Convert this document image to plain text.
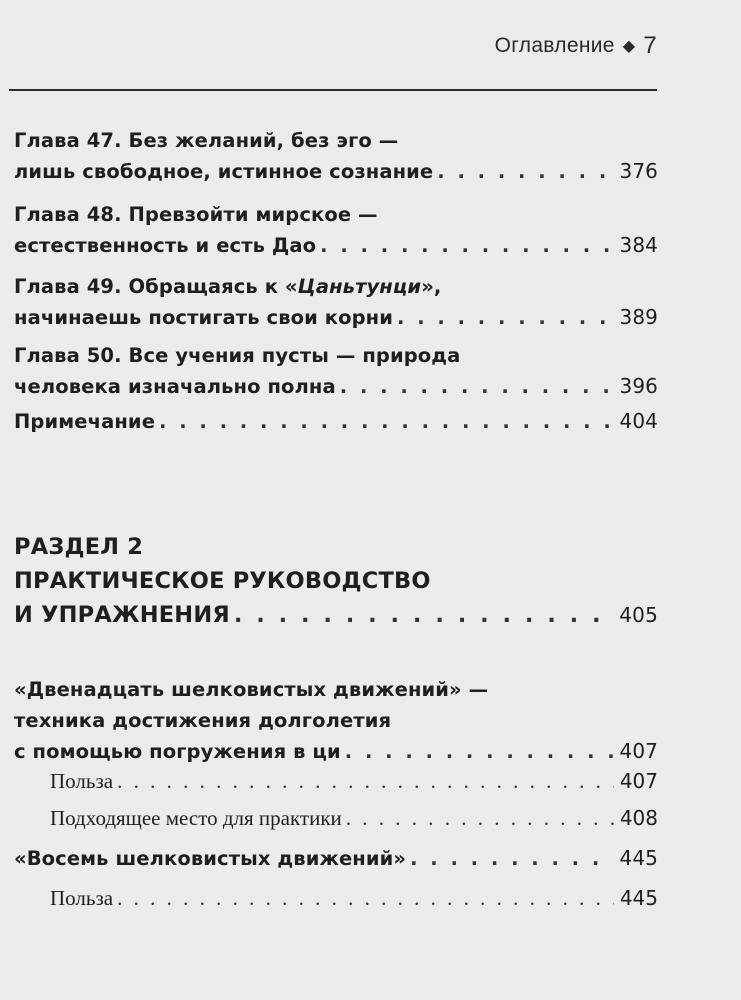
Оглавление ◆ 7
Глава 47. Без желаний, без эго —
лишь свободное, истинное сознание . . .	376
Глава 48. Превзойти мирское —
естественность и есть Дао . . .	384
Глава 49. Обращаясь к «Цаньтунци»,
начинаешь постигать свои корни . . .	389
Глава 50. Все учения пусты — природа
человека изначально полна . . .	396
Примечание . . .	404
РАЗДЕЛ 2
ПРАКТИЧЕСКОЕ РУКОВОДСТВО
И УПРАЖНЕНИЯ . . .	405
«Двенадцать шелковистых движений» —
техника достижения долголетия
с помощью погружения в ци . . .	407
Польза . . .	407
Подходящее место для практики . . .	408
«Восемь шелковистых движений» . . .	445
Польза . . .	445
